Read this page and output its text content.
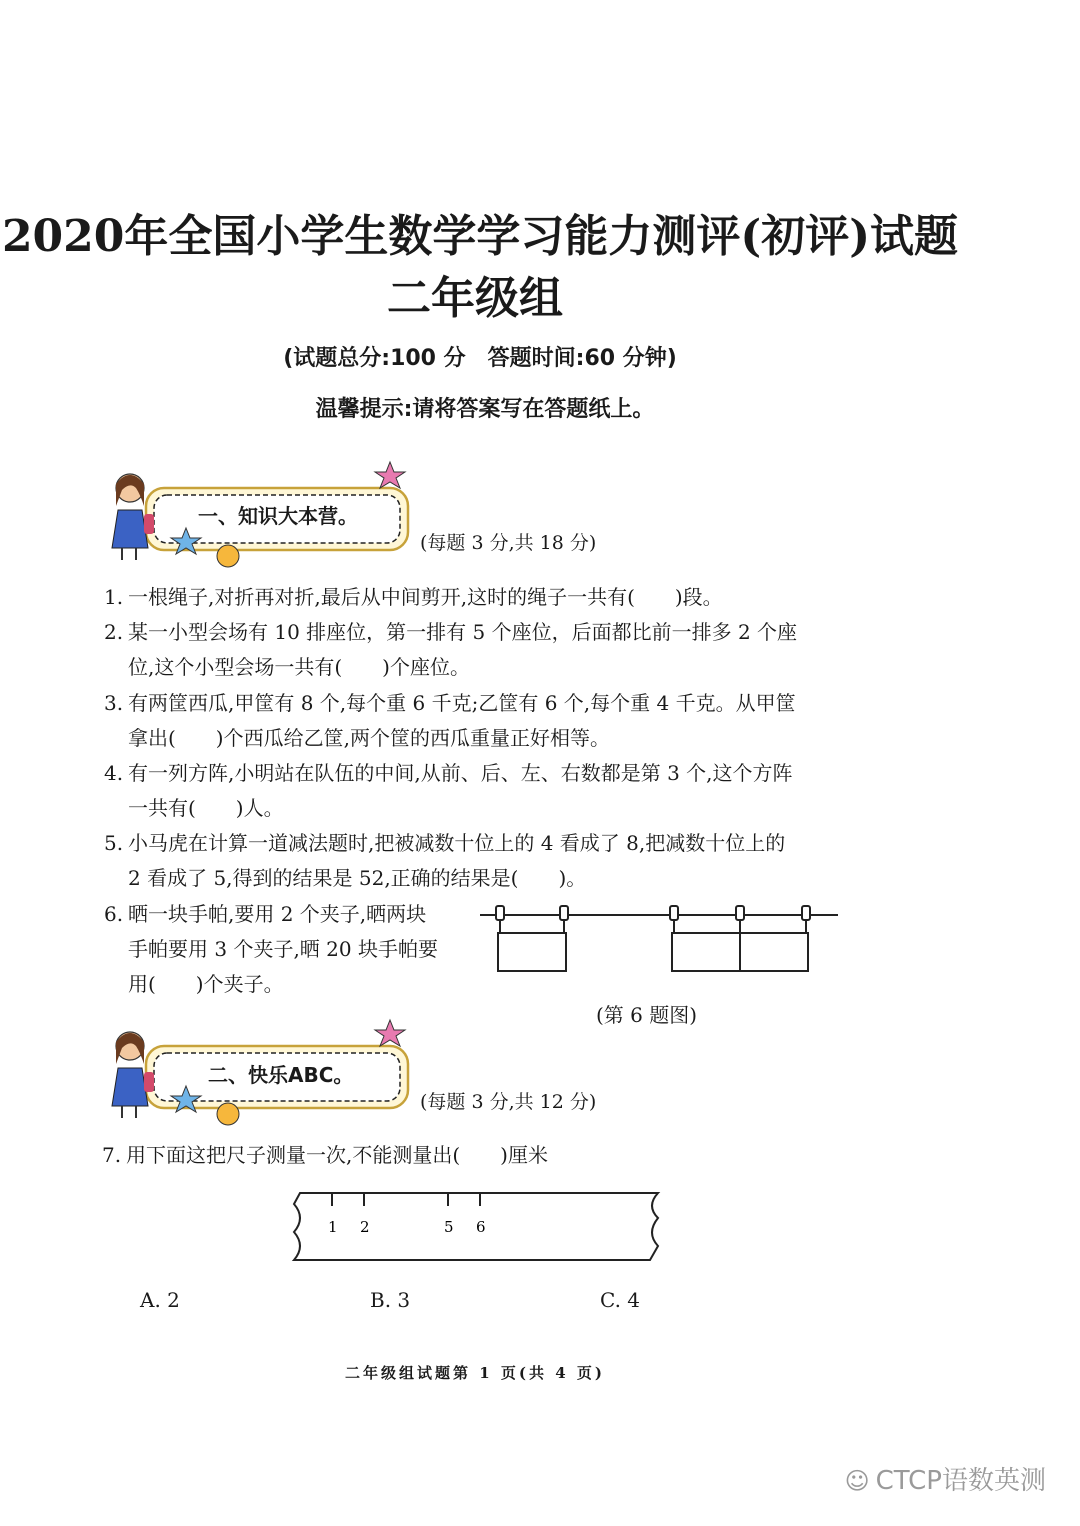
2020年全国小学生数学学习能力测评(初评)试题
二年级组
(试题总分:100 分　答题时间:60 分钟)
温馨提示:请将答案写在答题纸上。
一、知识大本营。
(每题 3 分,共 18 分)
1. 一根绳子,对折再对折,最后从中间剪开,这时的绳子一共有(　　)段。
2. 某一小型会场有 10 排座位，第一排有 5 个座位，后面都比前一排多 2 个座
位,这个小型会场一共有(　　)个座位。
3. 有两筐西瓜,甲筐有 8 个,每个重 6 千克;乙筐有 6 个,每个重 4 千克。从甲筐
拿出(　　)个西瓜给乙筐,两个筐的西瓜重量正好相等。
4. 有一列方阵,小明站在队伍的中间,从前、后、左、右数都是第 3 个,这个方阵
一共有(　　)人。
5. 小马虎在计算一道减法题时,把被减数十位上的 4 看成了 8,把减数十位上的
2 看成了 5,得到的结果是 52,正确的结果是(　　)。
6. 晒一块手帕,要用 2 个夹子,晒两块
手帕要用 3 个夹子,晒 20 块手帕要
用(　　)个夹子。
(第 6 题图)
二、快乐ABC。
(每题 3 分,共 12 分)
7. 用下面这把尺子测量一次,不能测量出(　　)厘米
1 2	5 6
A. 2	B. 3	C. 4
二年级组试题第 1 页(共 4 页)
☺ CTCP语数英测
